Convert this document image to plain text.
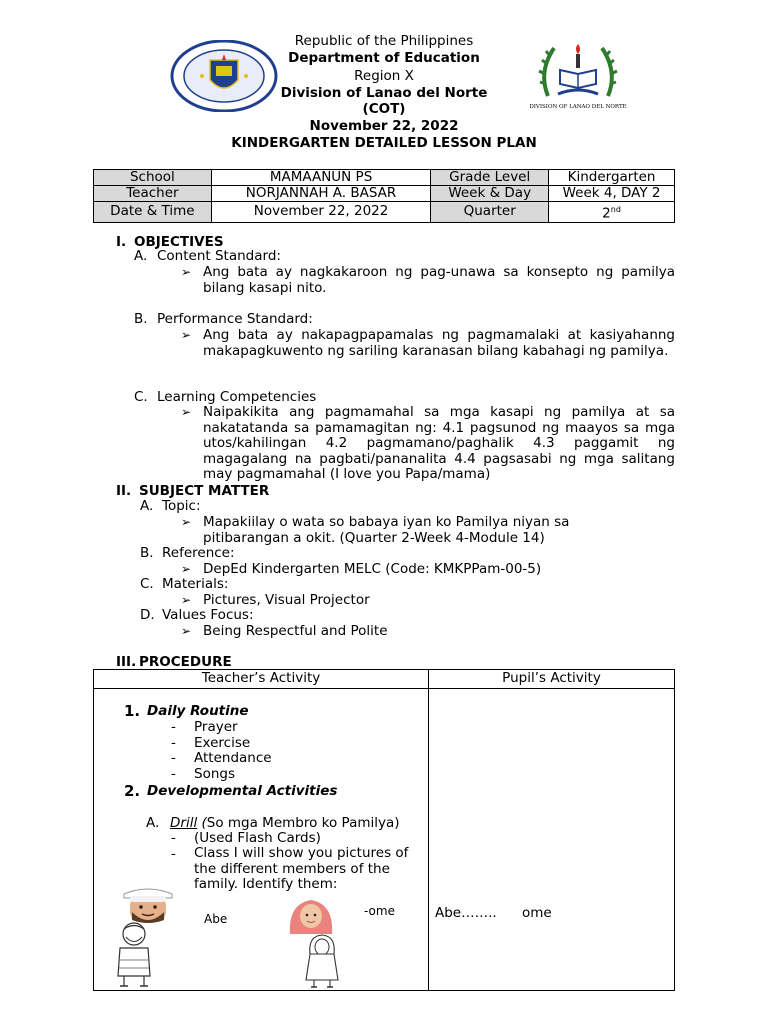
DIVISION OF LANAO DEL NORTE
Republic of the Philippines
Department of Education
Region X
Division of Lanao del Norte
(COT)
November 22, 2022
KINDERGARTEN DETAILED LESSON PLAN
School	MAMAANUN PS	Grade Level	Kindergarten
Teacher	NORJANNAH A. BASAR	Week & Day	Week 4, DAY 2
Date & Time	November 22, 2022	Quarter	2nd
I. OBJECTIVES
A. Content Standard:
➢ Ang bata ay nagkakaroon ng pag-unawa sa konsepto ng pamilya bilang kasapi nito.
B. Performance Standard:
➢ Ang bata ay nakapagpapamalas ng pagmamalaki at kasiyahanng makapagkuwento ng sariling karanasan bilang kabahagi ng pamilya.
C. Learning Competencies
➢ Naipakikita ang pagmamahal sa mga kasapi ng pamilya at sa nakatatanda sa pamamagitan ng: 4.1 pagsunod ng maayos sa mga utos/kahilingan 4.2 pagmamano/paghalik 4.3 paggamit ng magagalang na pagbati/pananalita 4.4 pagsasabi ng mga salitang may pagmamahal (I love you Papa/mama)
II. SUBJECT MATTER
A. Topic:
➢ Mapakiilay o wata so babaya iyan ko Pamilya niyan sa pitibarangan a okit. (Quarter 2-Week 4-Module 14)
B. Reference:
➢ DepEd Kindergarten MELC (Code: KMKPPam-00-5)
C. Materials:
➢ Pictures, Visual Projector
D. Values Focus:
➢ Being Respectful and Polite
III. PROCEDURE
Teacher’s Activity	Pupil’s Activity
1. Daily Routine
- Prayer
- Exercise
- Attendance
- Songs
2. Developmental Activities
A. Drill (So mga Membro ko Pamilya)
- (Used Flash Cards)
- Class I will show you pictures of the different members of the family. Identify them:
Abe
-ome	Abe…….. ome
